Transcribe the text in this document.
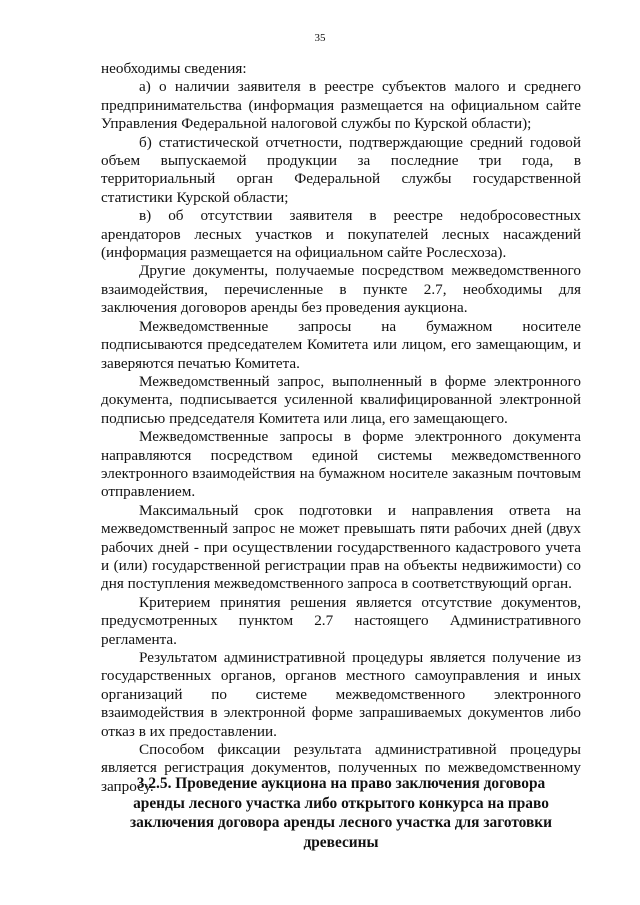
35

необходимы сведения:

а) о наличии заявителя в реестре субъектов малого и среднего предпринимательства (информация размещается на официальном сайте Управления Федеральной налоговой службы по Курской области);

б) статистической отчетности, подтверждающие средний годовой объем выпускаемой продукции за последние три года, в территориальный орган Федеральной службы государственной статистики Курской области;

в) об отсутствии заявителя в реестре недобросовестных арендаторов лесных участков и покупателей лесных насаждений (информация размещается на официальном сайте Рослесхоза).

Другие документы, получаемые посредством межведомственного взаимодействия, перечисленные в пункте 2.7, необходимы для заключения договоров аренды без проведения аукциона.

Межведомственные запросы на бумажном носителе подписываются председателем Комитета или лицом, его замещающим, и заверяются печатью Комитета.

Межведомственный запрос, выполненный в форме электронного документа, подписывается усиленной квалифицированной электронной подписью председателя Комитета или лица, его замещающего.

Межведомственные запросы в форме электронного документа направляются посредством единой системы межведомственного электронного взаимодействия на бумажном носителе заказным почтовым отправлением.

Максимальный срок подготовки и направления ответа на межведомственный запрос не может превышать пяти рабочих дней (двух рабочих дней - при осуществлении государственного кадастрового учета и (или) государственной регистрации прав на объекты недвижимости) со дня поступления межведомственного запроса в соответствующий орган.

Критерием принятия решения является отсутствие документов, предусмотренных пунктом 2.7 настоящего Административного регламента.

Результатом административной процедуры является получение из государственных органов, органов местного самоуправления и иных организаций по системе межведомственного электронного взаимодействия в электронной форме запрашиваемых документов либо отказ в их предоставлении.

Способом фиксации результата административной процедуры является регистрация документов, полученных по межведомственному запросу.

3.2.5. Проведение аукциона на право заключения договора
аренды лесного участка либо открытого конкурса на право
заключения договора аренды лесного участка для заготовки
древесины
